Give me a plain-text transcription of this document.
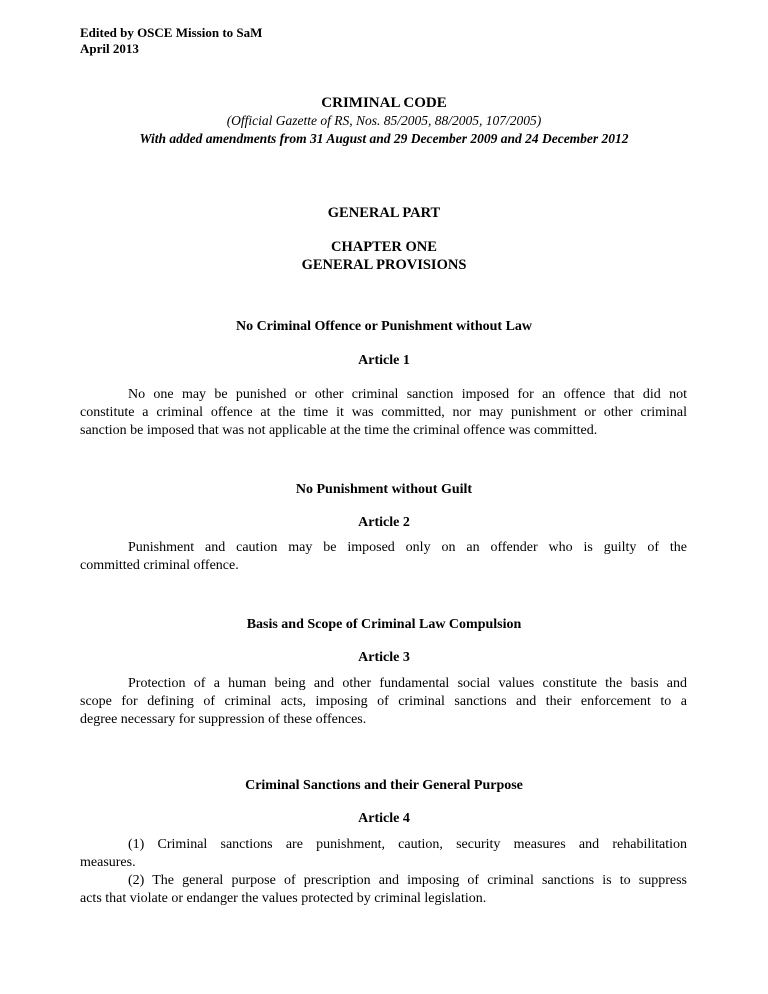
Edited by OSCE Mission to SaM
April 2013
CRIMINAL CODE
(Official Gazette of RS, Nos. 85/2005, 88/2005, 107/2005)
With added amendments from 31 August and 29 December 2009 and 24 December 2012
GENERAL PART
CHAPTER ONE
GENERAL PROVISIONS
No Criminal Offence or Punishment without Law
Article 1
No one may be punished or other criminal sanction imposed for an offence that did not
constitute a criminal offence at the time it was committed, nor may punishment or other criminal
sanction be imposed that was not applicable at the time the criminal offence was committed.
No Punishment without Guilt
Article 2
Punishment and caution may be imposed only on an offender who is guilty of the
committed criminal offence.
Basis and Scope of Criminal Law Compulsion
Article 3
Protection of a human being and other fundamental social values constitute the basis and
scope for defining of criminal acts, imposing of criminal sanctions and their enforcement to a
degree necessary for suppression of these offences.
Criminal Sanctions and their General Purpose
Article 4
(1) Criminal sanctions are punishment, caution, security measures and rehabilitation
measures.
(2) The general purpose of prescription and imposing of criminal sanctions is to suppress
acts that violate or endanger the values protected by criminal legislation.
